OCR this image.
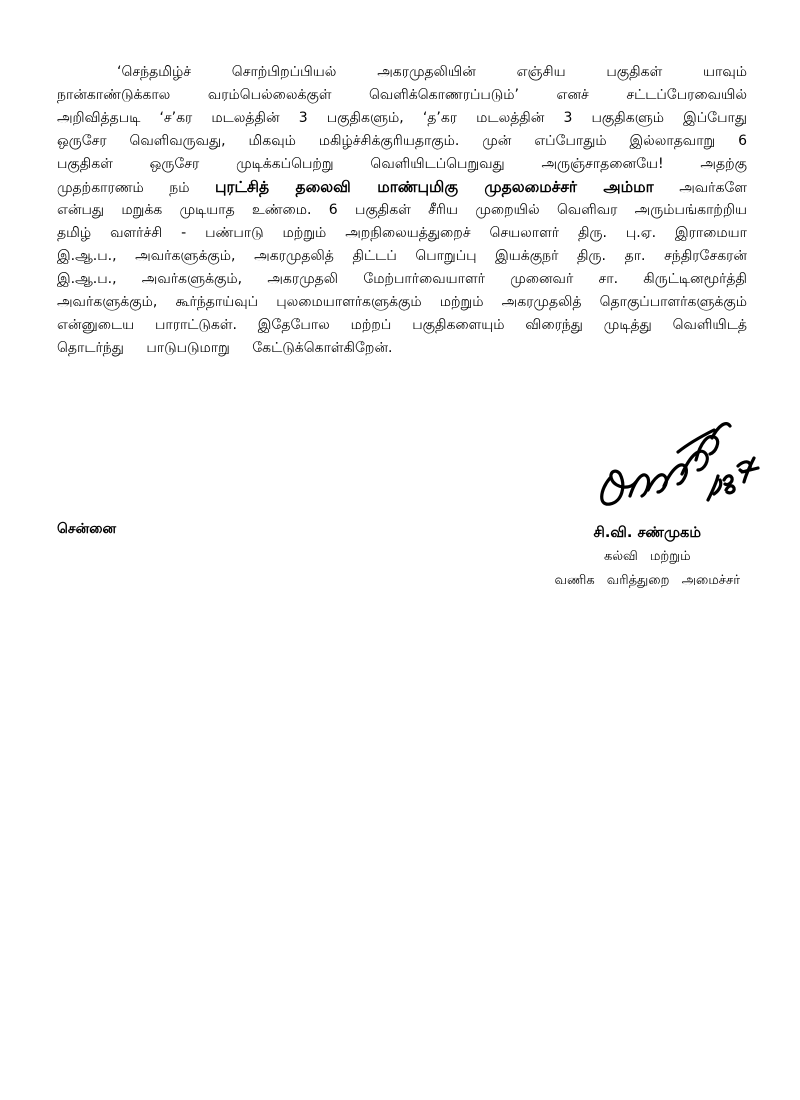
‘செந்தமிழ்ச் சொற்பிறப்பியல் அகரமுதலியின் எஞ்சிய பகுதிகள் யாவும்
நான்காண்டுக்கால வரம்பெல்லைக்குள் வெளிக்கொணரப்படும்’ எனச் சட்டப்பேரவையில்
அறிவித்தபடி ‘ச’கர மடலத்தின் 3 பகுதிகளும், ‘த’கர மடலத்தின் 3 பகுதிகளும் இப்போது
ஒருசேர வெளிவருவது, மிகவும் மகிழ்ச்சிக்குரியதாகும். முன் எப்போதும் இல்லாதவாறு 6
பகுதிகள் ஒருசேர முடிக்கப்பெற்று வெளியிடப்பெறுவது அருஞ்சாதனையே! அதற்கு
முதற்காரணம் நம் புரட்சித் தலைவி மாண்புமிகு முதலமைச்சர் அம்மா அவர்களே
என்பது மறுக்க முடியாத உண்மை. 6 பகுதிகள் சீரிய முறையில் வெளிவர அரும்பங்காற்றிய
தமிழ் வளர்ச்சி - பண்பாடு மற்றும் அறநிலையத்துறைச் செயலாளர் திரு. பு.ஏ. இராமையா
இ.ஆ.ப., அவர்களுக்கும், அகரமுதலித் திட்டப் பொறுப்பு இயக்குநர் திரு. தா. சந்திரசேகரன்
இ.ஆ.ப., அவர்களுக்கும், அகரமுதலி மேற்பார்வையாளர் முனைவர் சா. கிருட்டினமூர்த்தி
அவர்களுக்கும், கூர்ந்தாய்வுப் புலமையாளர்களுக்கும் மற்றும் அகரமுதலித் தொகுப்பாளர்களுக்கும்
என்னுடைய பாராட்டுகள். இதேபோல மற்றப் பகுதிகளையும் விரைந்து முடித்து வெளியிடத்
தொடர்ந்து பாடுபடுமாறு கேட்டுக்கொள்கிறேன்.
சென்னை	சி.வி. சண்முகம்
கல்வி மற்றும்
வணிக வரித்துறை அமைச்சர்
